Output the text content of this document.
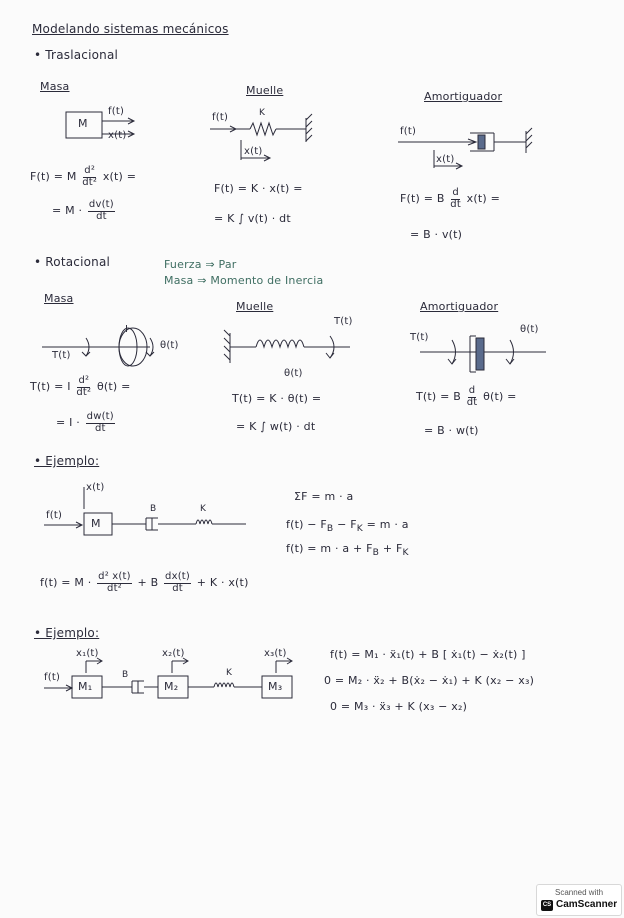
Modelando sistemas mecánicos
• Traslacional
Masa
M
f(t)
x(t)
F(t) = M $\frac{\text{d²}}{\text{dt²}} x(t)$ =
= $M \cdot \frac{dv(t)}{dt}$
Muelle
K
f(t)
x(t)
F(t) = K · x(t) =
= K ∫ v(t) · dt
Amortiguador
f(t)
x(t)
F(t) = B $\frac{d}{dt} x(t)$ =
= B · v(t)
• Rotacional	Fuerza ⇒ Par
Masa ⇒ Momento de Inercia
Masa
I
T(t)
θ(t)
T(t) = I $\frac{\text{d²}}{\text{dt²}} \theta(t)$ =
= $I \cdot \frac{dw(t)}{dt}$
Muelle
T(t)
θ(t)
T(t) = K · θ(t) =
= K ∫ w(t) · dt
Amortiguador
T(t)
θ(t)
T(t) = B $\frac{d}{dt} \theta(t)$ =
= B · w(t)
• Ejemplo:
x(t)
f(t)
M
B	K
ΣF = m · a
$f(t) - F_B - F_K = m \cdot a$
$f(t) = m \cdot a + F_B + F_K$
$f(t) = M \cdot \frac{\text{d² x(t)}}{\text{dt²}} + B \frac{dx(t)}{dt} + K \cdot x(t)$
• Ejemplo:
x₁(t)	x₂(t)	x₃(t)
f(t)
M₁	M₂	M₃
B	K
f(t) = M₁ · ẍ₁(t) + B [ ẋ₁(t) − ẋ₂(t) ]
0 = M₂ · ẍ₂ + B(ẋ₂ − ẋ₁) + K (x₂ − x₃)
0 = M₃ · ẍ₃ + K (x₃ − x₂)
Scanned with
CS CamScanner
